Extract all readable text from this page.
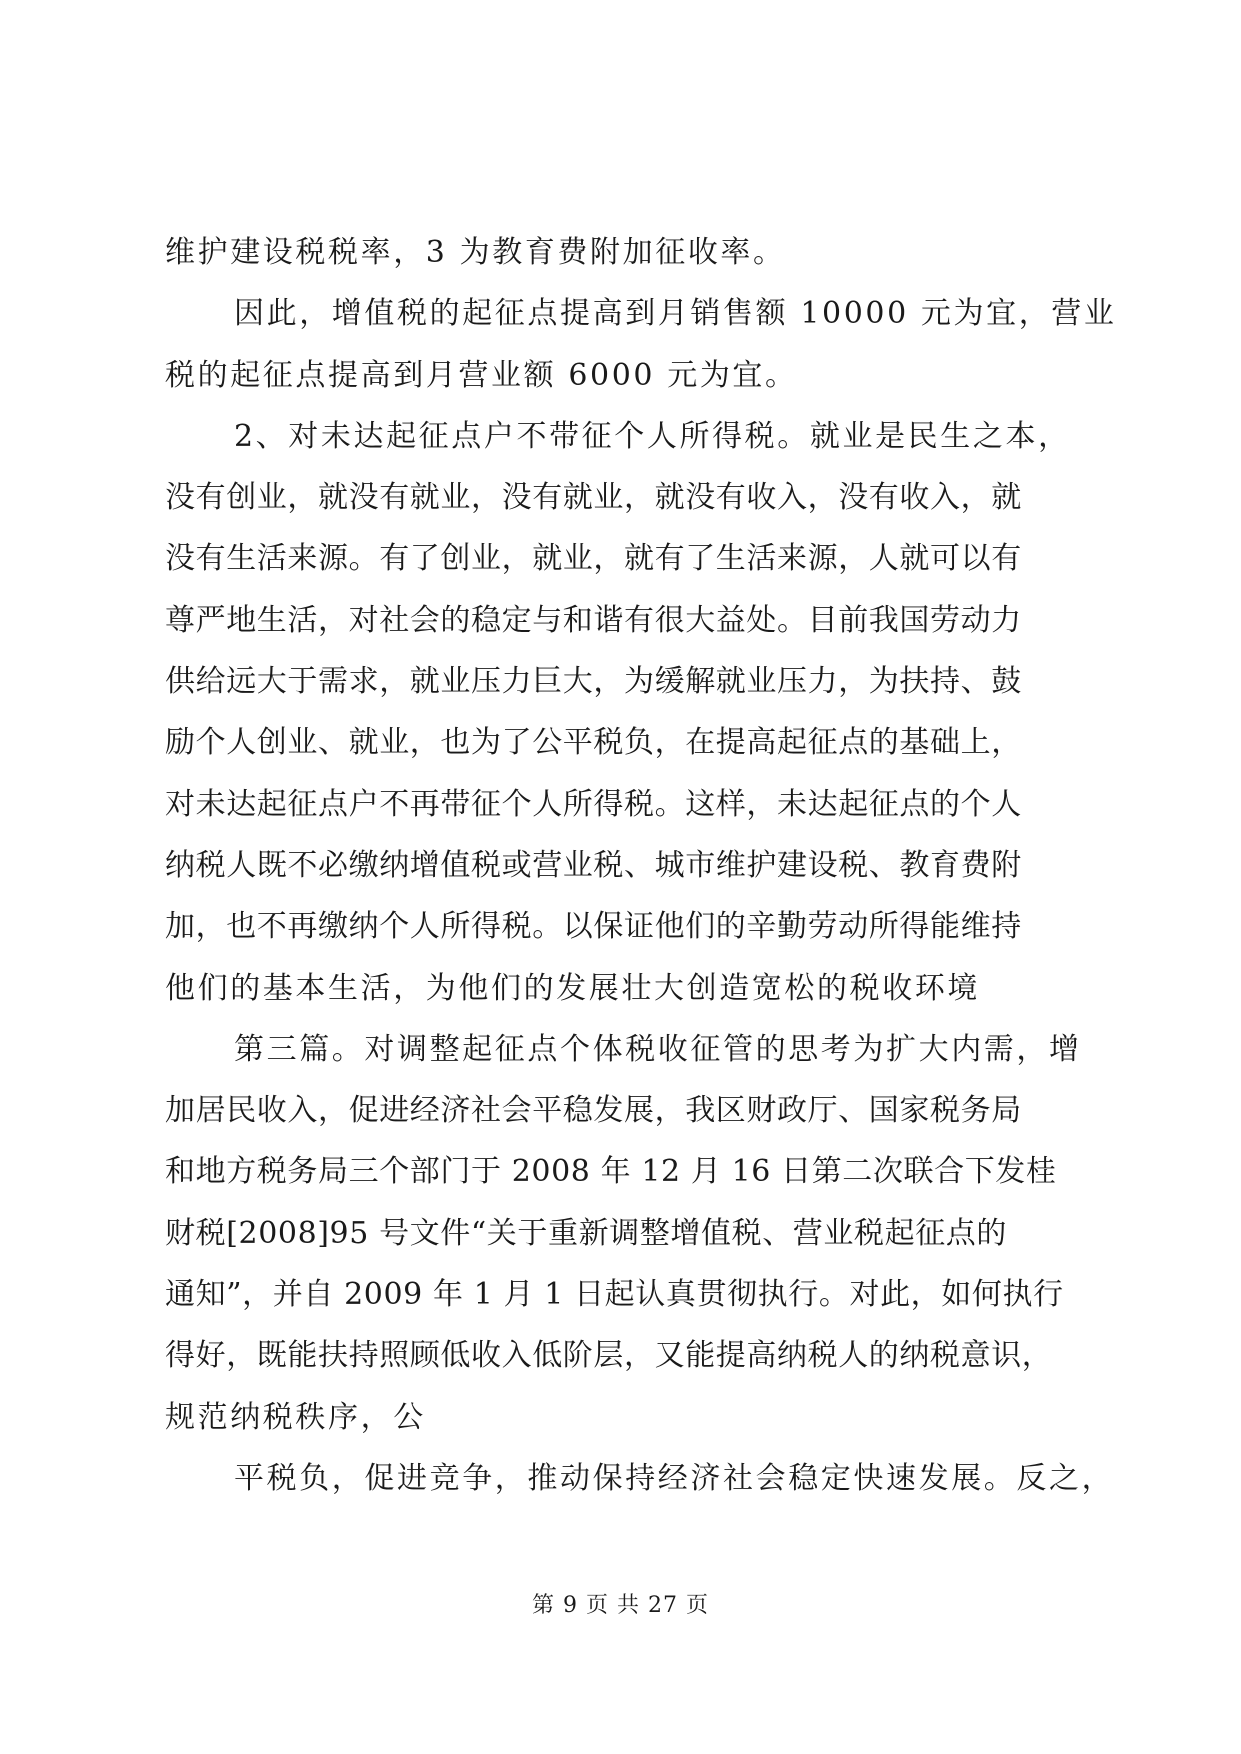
维护建设税税率，3 为教育费附加征收率。
因此，增值税的起征点提高到月销售额 10000 元为宜，营业
税的起征点提高到月营业额 6000 元为宜。
2、对未达起征点户不带征个人所得税。就业是民生之本，
没有创业，就没有就业，没有就业，就没有收入，没有收入，就
没有生活来源。有了创业，就业，就有了生活来源，人就可以有
尊严地生活，对社会的稳定与和谐有很大益处。目前我国劳动力
供给远大于需求，就业压力巨大，为缓解就业压力，为扶持、鼓
励个人创业、就业，也为了公平税负，在提高起征点的基础上，
对未达起征点户不再带征个人所得税。这样，未达起征点的个人
纳税人既不必缴纳增值税或营业税、城市维护建设税、教育费附
加，也不再缴纳个人所得税。以保证他们的辛勤劳动所得能维持
他们的基本生活，为他们的发展壮大创造宽松的税收环境
第三篇。对调整起征点个体税收征管的思考为扩大内需，增
加居民收入，促进经济社会平稳发展，我区财政厅、国家税务局
和地方税务局三个部门于 2008 年 12 月 16 日第二次联合下发桂
财税[2008]95 号文件“关于重新调整增值税、营业税起征点的
通知”，并自 2009 年 1 月 1 日起认真贯彻执行。对此，如何执行
得好，既能扶持照顾低收入低阶层，又能提高纳税人的纳税意识，
规范纳税秩序，公
平税负，促进竞争，推动保持经济社会稳定快速发展。反之，
第 9 页 共 27 页
